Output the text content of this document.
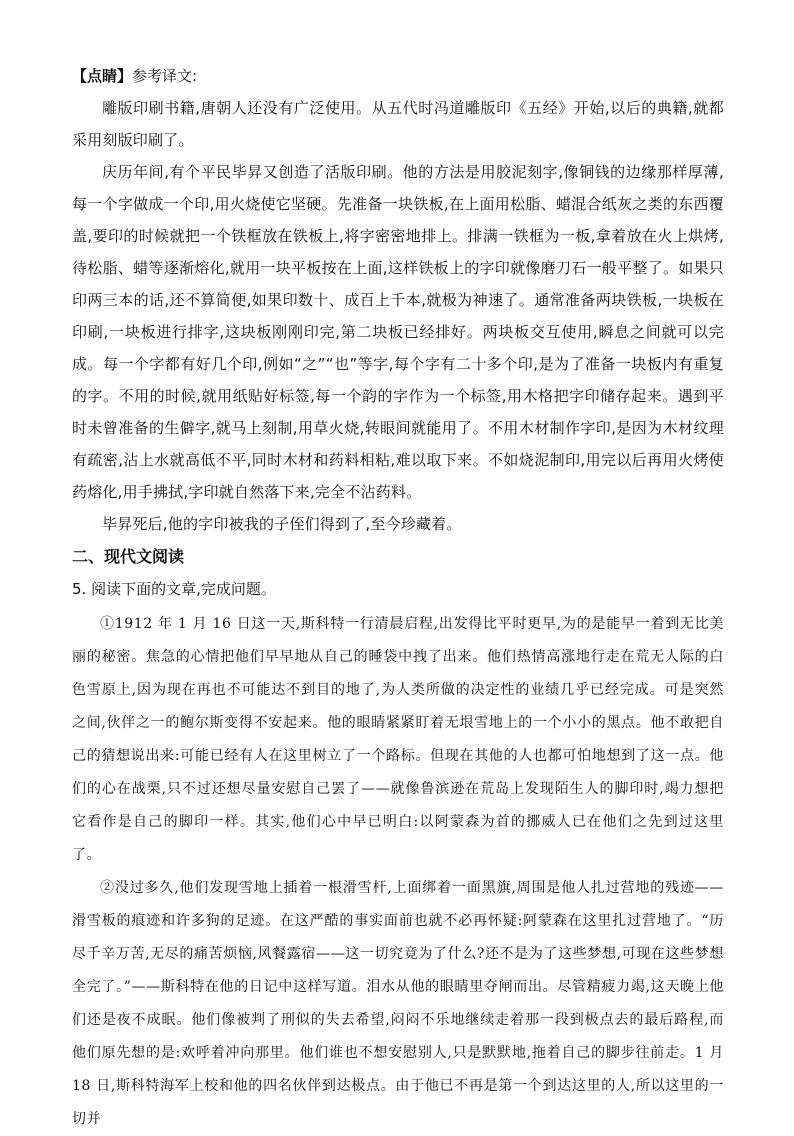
【点睛】参考译文:

雕版印刷书籍,唐朝人还没有广泛使用。从五代时冯道雕版印《五经》开始,以后的典籍,就都采用刻版印刷了。

庆历年间,有个平民毕昇又创造了活版印刷。他的方法是用胶泥刻字,像铜钱的边缘那样厚薄,每一个字做成一个印,用火烧使它坚硬。先准备一块铁板,在上面用松脂、蜡混合纸灰之类的东西覆盖,要印的时候就把一个铁框放在铁板上,将字密密地排上。排满一铁框为一板,拿着放在火上烘烤,待松脂、蜡等逐渐熔化,就用一块平板按在上面,这样铁板上的字印就像磨刀石一般平整了。如果只印两三本的话,还不算简便,如果印数十、成百上千本,就极为神速了。通常准备两块铁板,一块板在印刷,一块板进行排字,这块板刚刚印完,第二块板已经排好。两块板交互使用,瞬息之间就可以完成。每一个字都有好几个印,例如“之”“也”等字,每个字有二十多个印,是为了准备一块板内有重复的字。不用的时候,就用纸贴好标签,每一个韵的字作为一个标签,用木格把字印储存起来。遇到平时未曾准备的生僻字,就马上刻制,用草火烧,转眼间就能用了。不用木材制作字印,是因为木材纹理有疏密,沾上水就高低不平,同时木材和药料相粘,难以取下来。不如烧泥制印,用完以后再用火烤使药熔化,用手拂拭,字印就自然落下来,完全不沾药料。

毕昇死后,他的字印被我的子侄们得到了,至今珍藏着。

二、现代文阅读
5. 阅读下面的文章,完成问题。

①1912 年 1 月 16 日这一天,斯科特一行清晨启程,出发得比平时更早,为的是能早一着到无比美丽的秘密。焦急的心情把他们早早地从自己的睡袋中拽了出来。他们热情高涨地行走在荒无人际的白色雪原上,因为现在再也不可能达不到目的地了,为人类所做的决定性的业绩几乎已经完成。可是突然之间,伙伴之一的鲍尔斯变得不安起来。他的眼睛紧紧盯着无垠雪地上的一个小小的黑点。他不敢把自己的猜想说出来:可能已经有人在这里树立了一个路标。但现在其他的人也都可怕地想到了这一点。他们的心在战栗,只不过还想尽量安慰自己罢了——就像鲁滨逊在荒岛上发现陌生人的脚印时,竭力想把它看作是自己的脚印一样。其实,他们心中早已明白:以阿蒙森为首的挪威人已在他们之先到过这里了。

②没过多久,他们发现雪地上插着一根滑雪杆,上面绑着一面黑旗,周围是他人扎过营地的残迹——滑雪板的痕迹和许多狗的足迹。在这严酷的事实面前也就不必再怀疑:阿蒙森在这里扎过营地了。“历尽千辛万苦,无尽的痛苦烦恼,风餐露宿——这一切究竟为了什么?还不是为了这些梦想,可现在这些梦想全完了。”——斯科特在他的日记中这样写道。泪水从他的眼睛里夺闸而出。尽管精疲力竭,这天晚上他们还是夜不成眠。他们像被判了刑似的失去希望,闷闷不乐地继续走着那一段到极点去的最后路程,而他们原先想的是:欢呼着冲向那里。他们谁也不想安慰别人,只是默默地,拖着自己的脚步往前走。1 月 18 日,斯科特海军上校和他的四名伙伴到达极点。由于他已不再是第一个到达这里的人,所以这里的一切并
